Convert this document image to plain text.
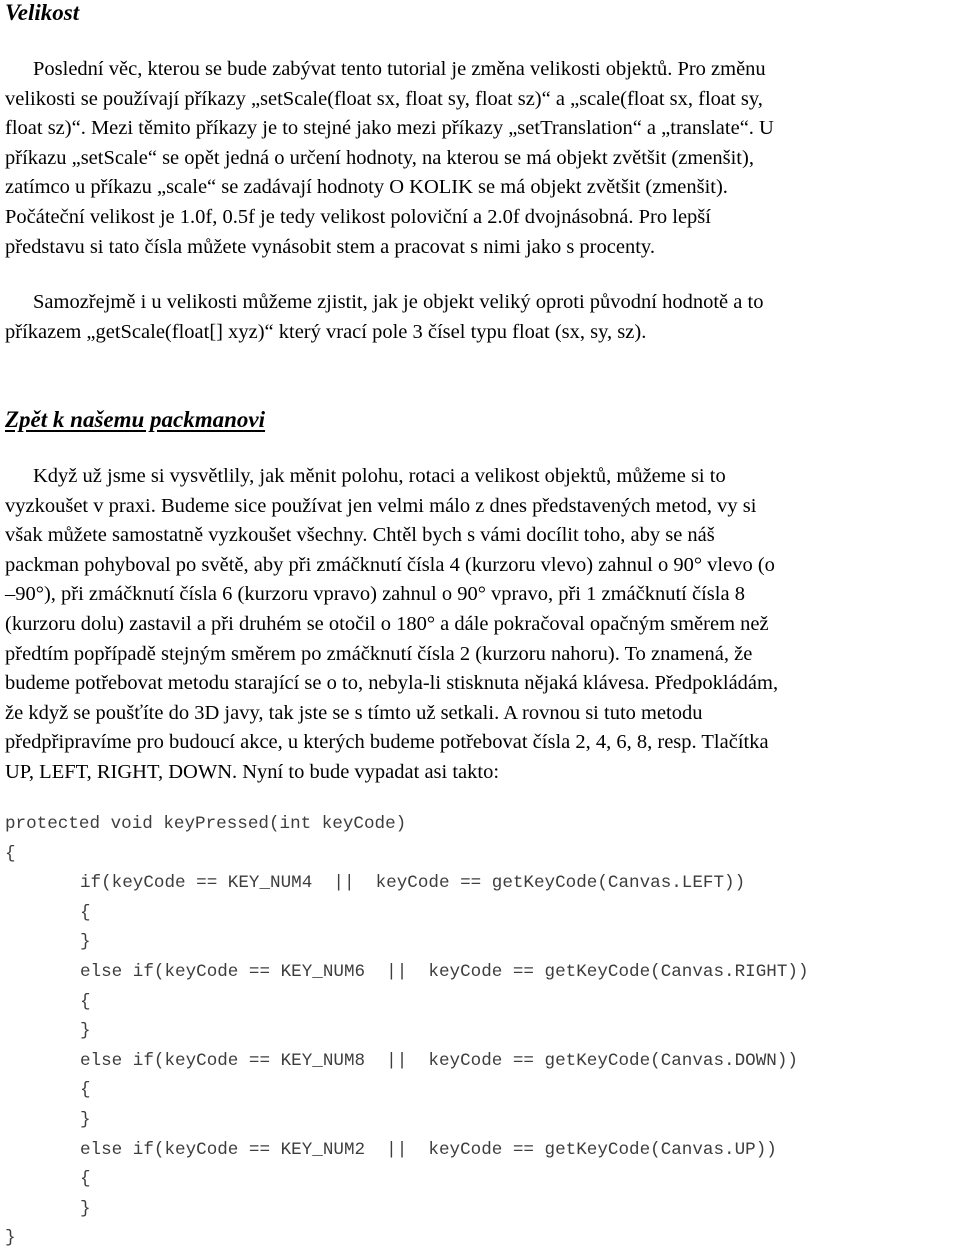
Velikost

Poslední věc, kterou se bude zabývat tento tutorial je změna velikosti objektů. Pro změnu
velikosti se používají příkazy „setScale(float sx, float sy, float sz)“ a „scale(float sx, float sy,
float sz)“. Mezi těmito příkazy je to stejné jako mezi příkazy „setTranslation“ a „translate“. U
příkazu „setScale“ se opět jedná o určení hodnoty, na kterou se má objekt zvětšit (zmenšit),
zatímco u příkazu „scale“ se zadávají hodnoty O KOLIK se má objekt zvětšit (zmenšit).
Počáteční velikost je 1.0f, 0.5f je tedy velikost poloviční a 2.0f dvojnásobná. Pro lepší
představu si tato čísla můžete vynásobit stem a pracovat s nimi jako s procenty.

Samozřejmě i u velikosti můžeme zjistit, jak je objekt veliký oproti původní hodnotě a to
příkazem „getScale(float[] xyz)“ který vrací pole 3 čísel typu float (sx, sy, sz).

Zpět k našemu packmanovi

Když už jsme si vysvětlily, jak měnit polohu, rotaci a velikost objektů, můžeme si to
vyzkoušet v praxi. Budeme sice používat jen velmi málo z dnes představených metod, vy si
však můžete samostatně vyzkoušet všechny. Chtěl bych s vámi docílit toho, aby se náš
packman pohyboval po světě, aby při zmáčknutí čísla 4 (kurzoru vlevo) zahnul o 90° vlevo (o
–90°), při zmáčknutí čísla 6 (kurzoru vpravo) zahnul o 90° vpravo, při 1 zmáčknutí čísla 8
(kurzoru dolu) zastavil a při druhém se otočil o 180° a dále pokračoval opačným směrem než
předtím popřípadě stejným směrem po zmáčknutí čísla 2 (kurzoru nahoru). To znamená, že
budeme potřebovat metodu starající se o to, nebyla-li stisknuta nějaká klávesa. Předpokládám,
že když se poušťíte do 3D javy, tak jste se s tímto už setkali. A rovnou si tuto metodu
předpřipravíme pro budoucí akce, u kterých budeme potřebovat čísla 2, 4, 6, 8, resp. Tlačítka
UP, LEFT, RIGHT, DOWN. Nyní to bude vypadat asi takto:

protected void keyPressed(int keyCode)
{
if(keyCode == KEY_NUM4  ||  keyCode == getKeyCode(Canvas.LEFT))
{
}
else if(keyCode == KEY_NUM6  ||  keyCode == getKeyCode(Canvas.RIGHT))
{
}
else if(keyCode == KEY_NUM8  ||  keyCode == getKeyCode(Canvas.DOWN))
{
}
else if(keyCode == KEY_NUM2  ||  keyCode == getKeyCode(Canvas.UP))
{
}
}
